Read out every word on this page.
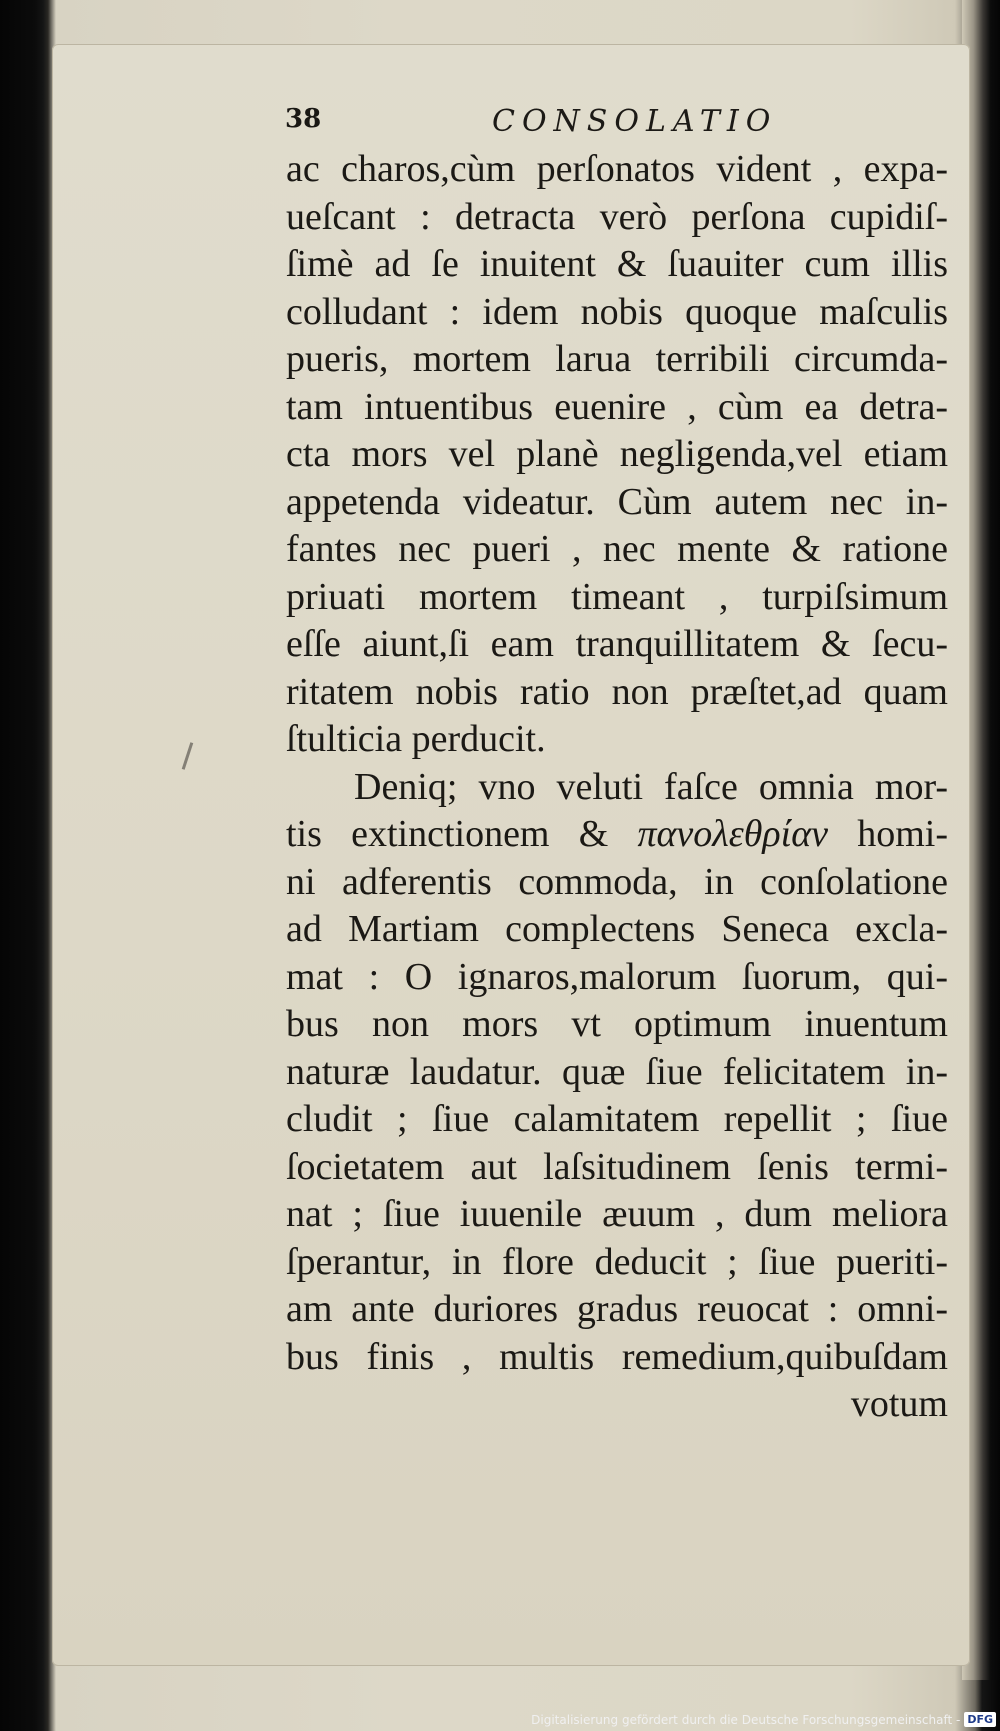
38	CONSOLATIO
ac charos,cùm perſonatos vident , expa-
ueſcant : detracta verò perſona cupidiſ-
ſimè ad ſe inuitent & ſuauiter cum illis
colludant : idem nobis quoque maſculis
pueris, mortem larua terribili circumda-
tam intuentibus euenire , cùm ea detra-
cta mors vel planè negligenda,vel etiam
appetenda videatur. Cùm autem nec in-
fantes nec pueri , nec mente & ratione
priuati mortem timeant , turpiſsimum
eſſe aiunt,ſi eam tranquillitatem & ſecu-
ritatem nobis ratio non præſtet,ad quam
ſtulticia perducit.
Deniq; vno veluti faſce omnia mor-
tis extinctionem & πανολεθρίαν homi-
ni adferentis commoda, in conſolatione
ad Martiam complectens Seneca excla-
mat : O ignaros,malorum ſuorum, qui-
bus non mors vt optimum inuentum
naturæ laudatur. quæ ſiue felicitatem in-
cludit ; ſiue calamitatem repellit ; ſiue
ſocietatem aut laſsitudinem ſenis termi-
nat ; ſiue iuuenile æuum , dum meliora
ſperantur, in flore deducit ; ſiue pueriti-
am ante duriores gradus reuocat : omni-
bus finis , multis remedium,quibuſdam
votum
Digitalisierung gefördert durch die Deutsche Forschungsgemeinschaft - DFG
